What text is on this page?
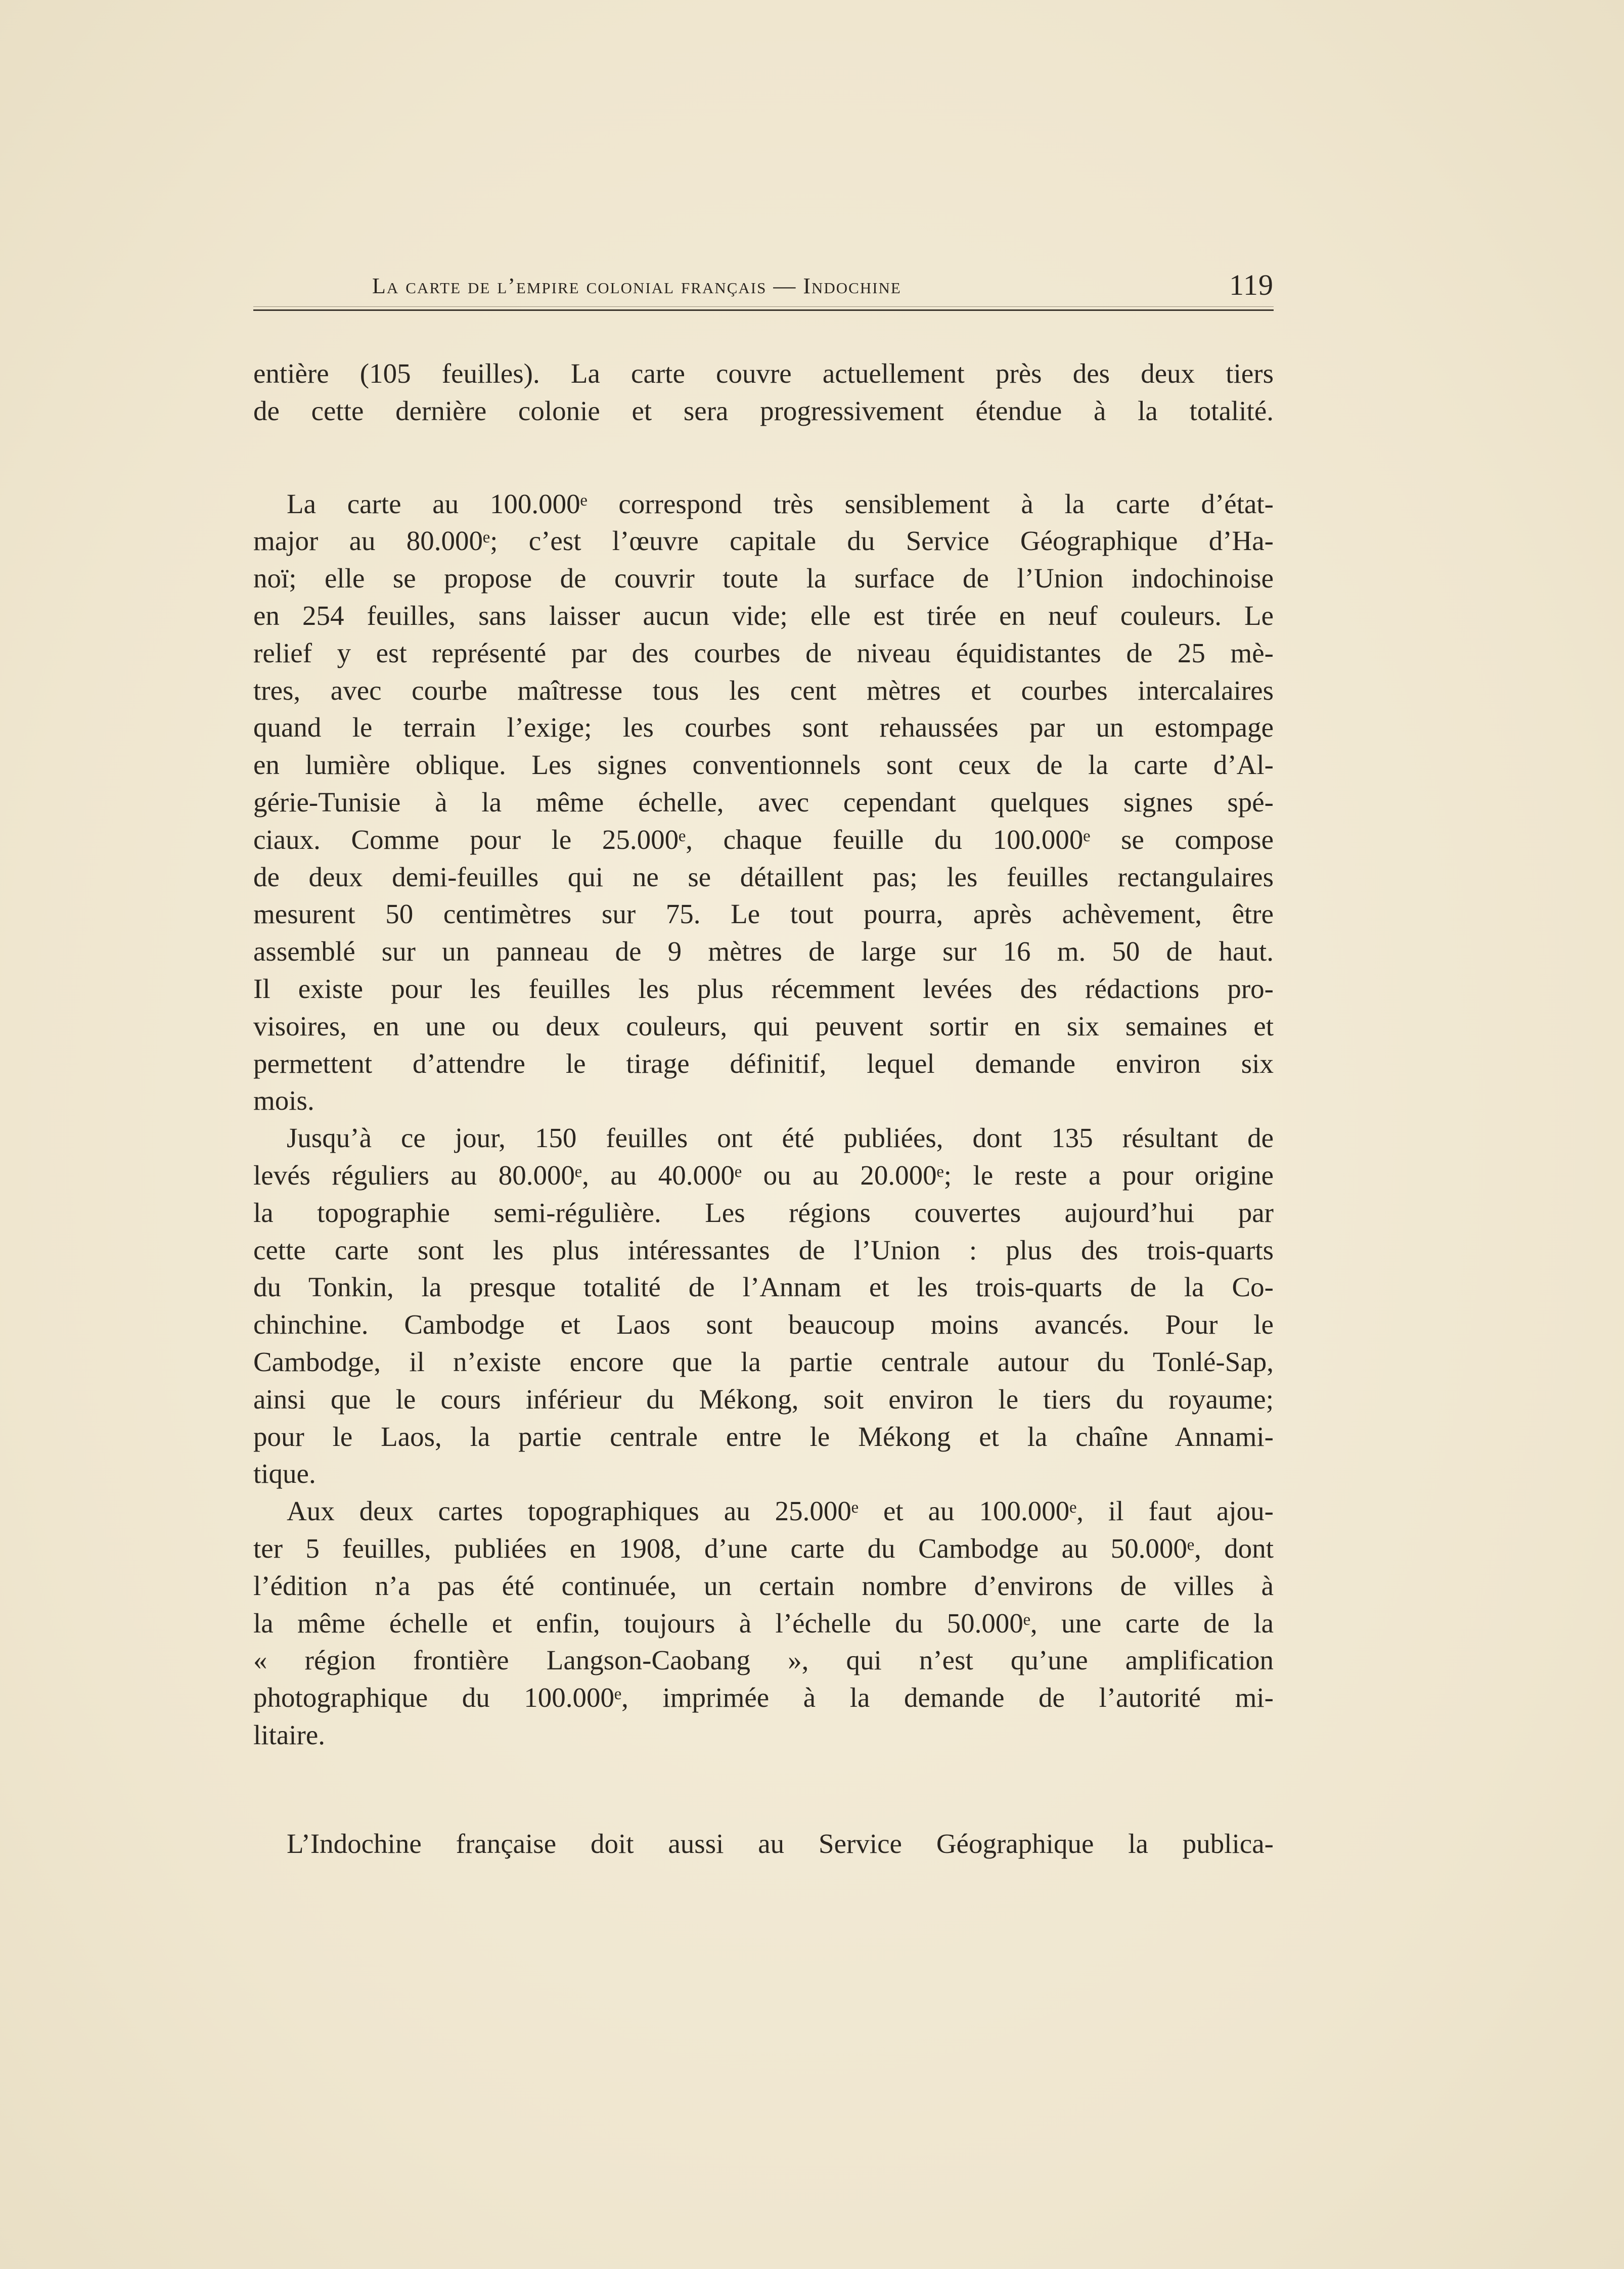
La carte de l’empire colonial français — Indochine	119
entière (105 feuilles). La carte couvre actuellement près des deux tiers
de cette dernière colonie et sera progressivement étendue à la totalité.
La carte au 100.000ᵉ correspond très sensiblement à la carte d’état-
major au 80.000ᵉ; c’est l’œuvre capitale du Service Géographique d’Ha-
noï; elle se propose de couvrir toute la surface de l’Union indochinoise
en 254 feuilles, sans laisser aucun vide; elle est tirée en neuf couleurs. Le
relief y est représenté par des courbes de niveau équidistantes de 25 mè-
tres, avec courbe maîtresse tous les cent mètres et courbes intercalaires
quand le terrain l’exige; les courbes sont rehaussées par un estompage
en lumière oblique. Les signes conventionnels sont ceux de la carte d’Al-
gérie-Tunisie à la même échelle, avec cependant quelques signes spé-
ciaux. Comme pour le 25.000ᵉ, chaque feuille du 100.000ᵉ se compose
de deux demi-feuilles qui ne se détaillent pas; les feuilles rectangulaires
mesurent 50 centimètres sur 75. Le tout pourra, après achèvement, être
assemblé sur un panneau de 9 mètres de large sur 16 m. 50 de haut.
Il existe pour les feuilles les plus récemment levées des rédactions pro-
visoires, en une ou deux couleurs, qui peuvent sortir en six semaines et
permettent d’attendre le tirage définitif, lequel demande environ six
mois.
Jusqu’à ce jour, 150 feuilles ont été publiées, dont 135 résultant de
levés réguliers au 80.000ᵉ, au 40.000ᵉ ou au 20.000ᵉ; le reste a pour origine
la topographie semi-régulière. Les régions couvertes aujourd’hui par
cette carte sont les plus intéressantes de l’Union : plus des trois-quarts
du Tonkin, la presque totalité de l’Annam et les trois-quarts de la Co-
chinchine. Cambodge et Laos sont beaucoup moins avancés. Pour le
Cambodge, il n’existe encore que la partie centrale autour du Tonlé-Sap,
ainsi que le cours inférieur du Mékong, soit environ le tiers du royaume;
pour le Laos, la partie centrale entre le Mékong et la chaîne Annami-
tique.
Aux deux cartes topographiques au 25.000ᵉ et au 100.000ᵉ, il faut ajou-
ter 5 feuilles, publiées en 1908, d’une carte du Cambodge au 50.000ᵉ, dont
l’édition n’a pas été continuée, un certain nombre d’environs de villes à
la même échelle et enfin, toujours à l’échelle du 50.000ᵉ, une carte de la
« région frontière Langson-Caobang », qui n’est qu’une amplification
photographique du 100.000ᵉ, imprimée à la demande de l’autorité mi-
litaire.
L’Indochine française doit aussi au Service Géographique la publica-
